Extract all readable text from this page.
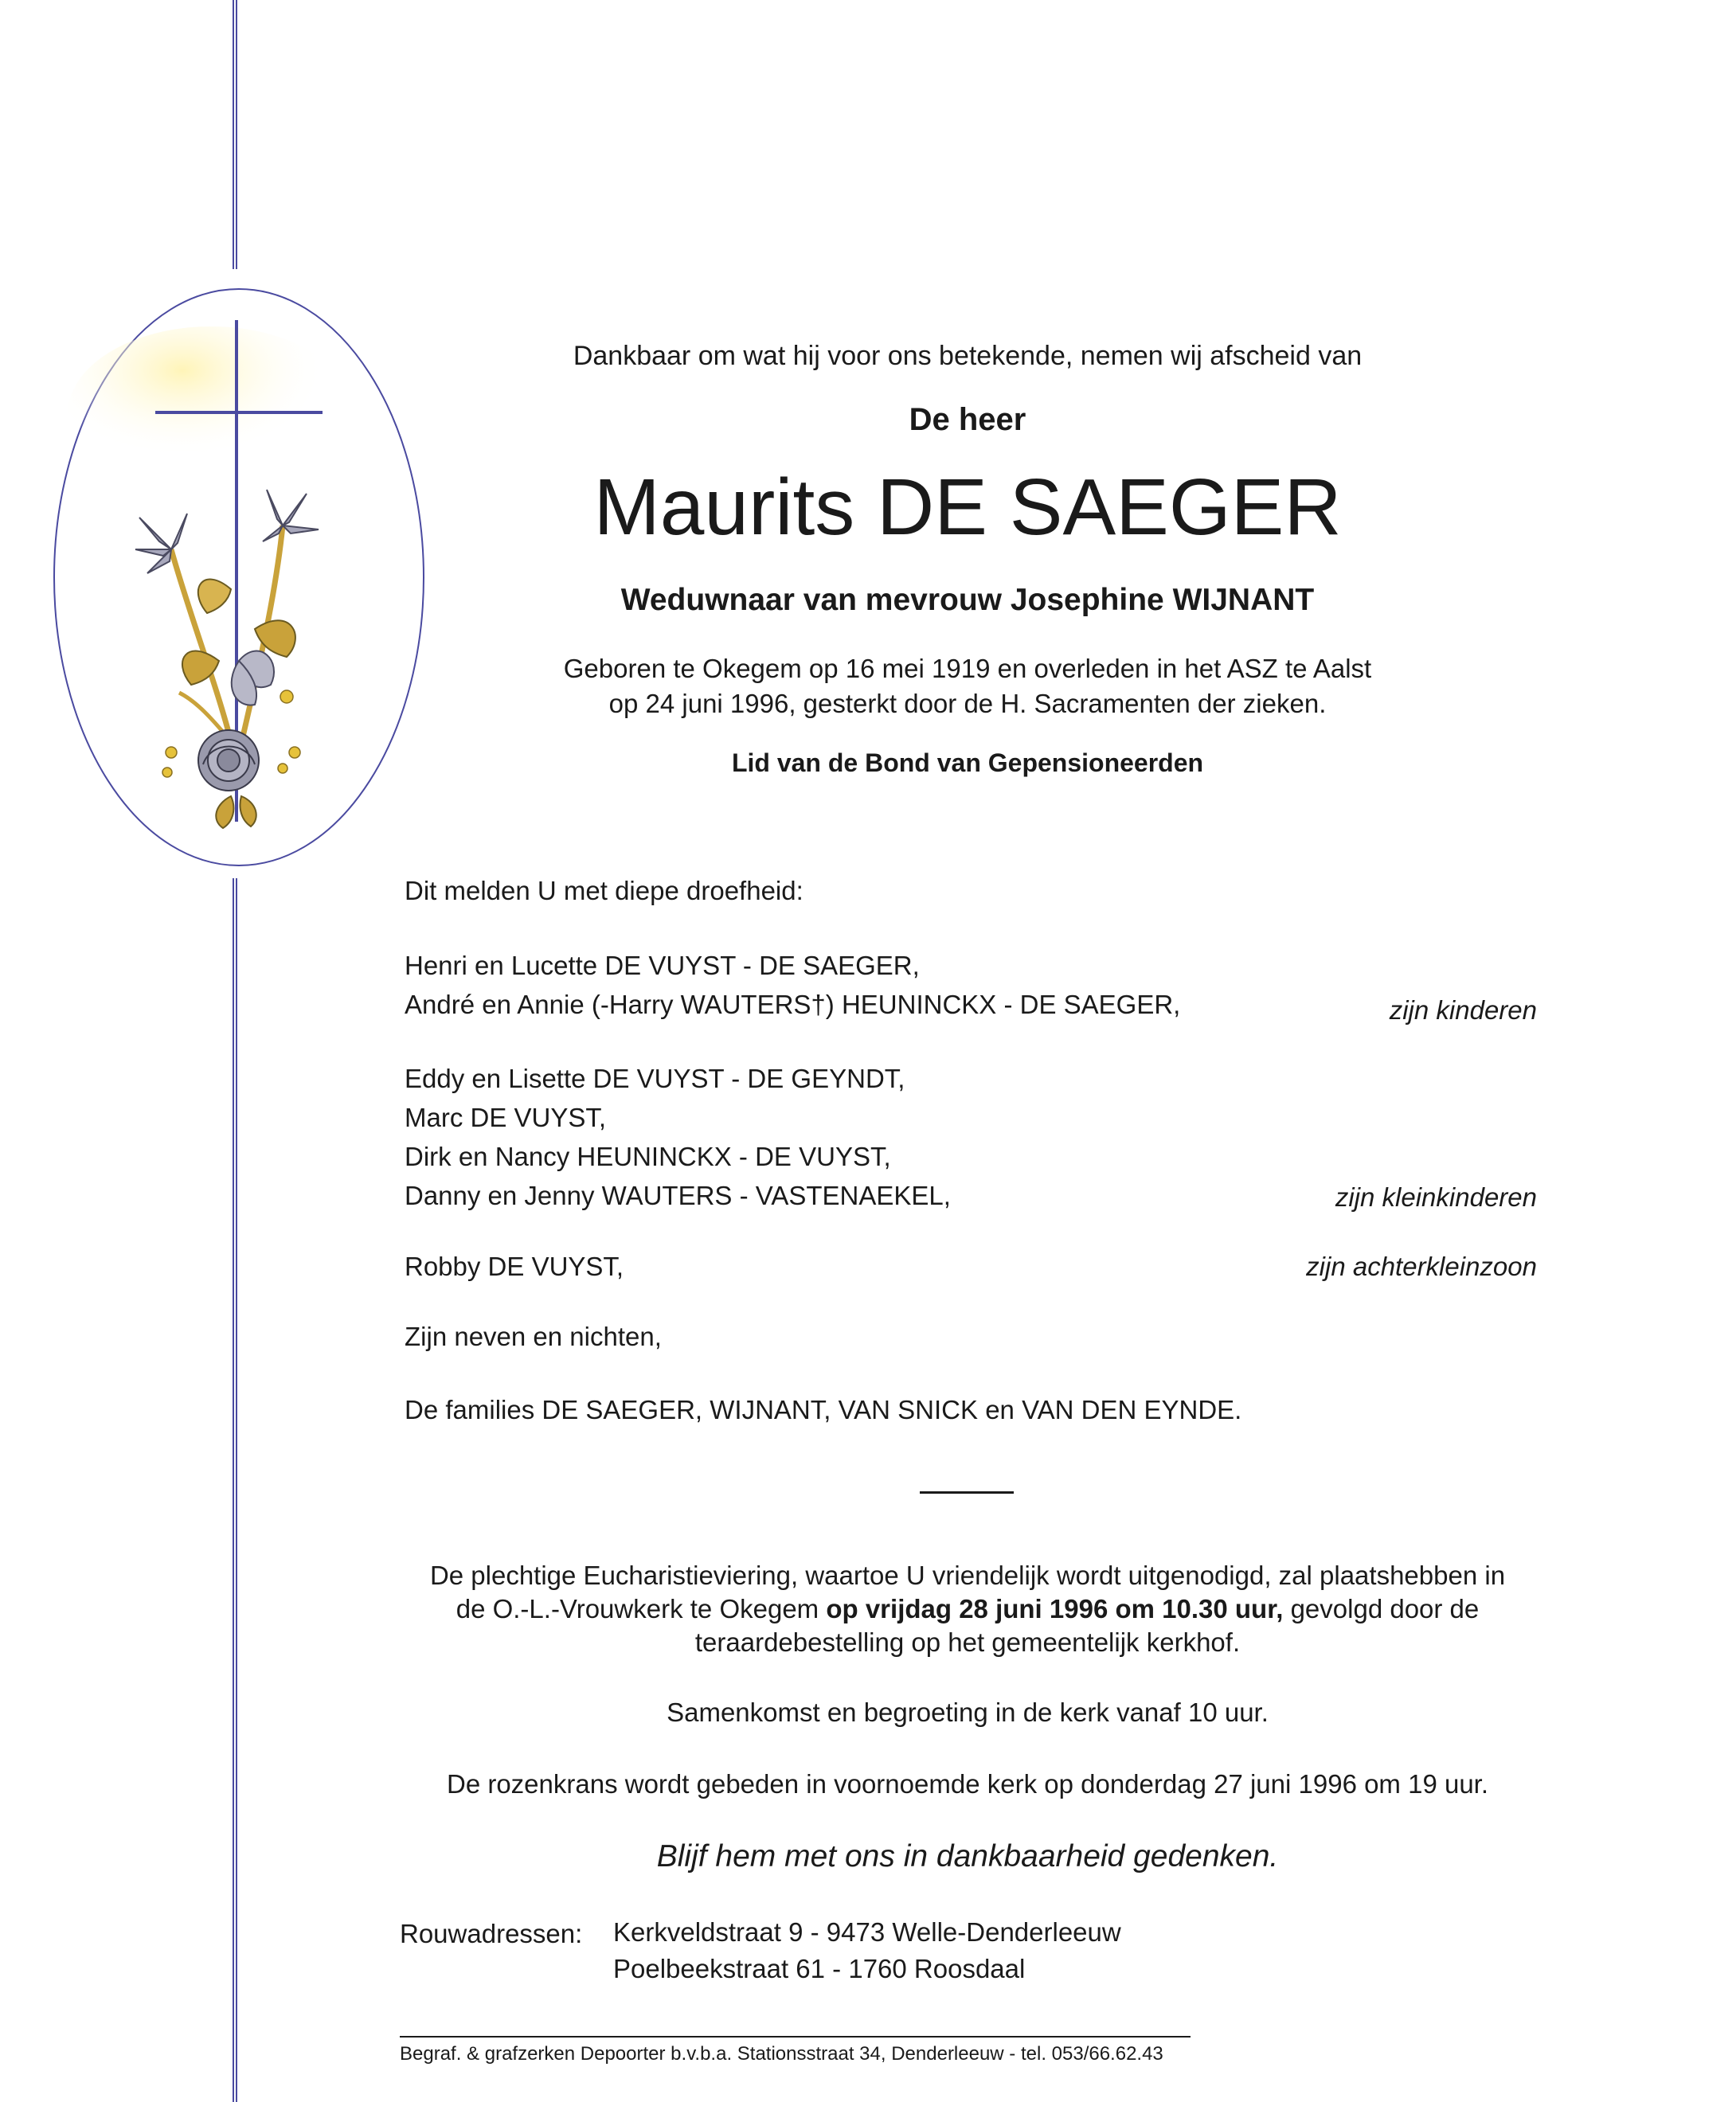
Dankbaar om wat hij voor ons betekende, nemen wij afscheid van
De heer
Maurits DE SAEGER
Weduwnaar van mevrouw Josephine WIJNANT
Geboren te Okegem op 16 mei 1919 en overleden in het ASZ te Aalst
op 24 juni 1996, gesterkt door de H. Sacramenten der zieken.
Lid van de Bond van Gepensioneerden
Dit melden U met diepe droefheid:
Henri en Lucette DE VUYST - DE SAEGER,
André en Annie (-Harry WAUTERS†) HEUNINCKX - DE SAEGER,	zijn kinderen
Eddy en Lisette DE VUYST - DE GEYNDT,
Marc DE VUYST,
Dirk en Nancy HEUNINCKX - DE VUYST,
Danny en Jenny WAUTERS - VASTENAEKEL,	zijn kleinkinderen
Robby DE VUYST,	zijn achterkleinzoon
Zijn neven en nichten,
De families DE SAEGER, WIJNANT, VAN SNICK en VAN DEN EYNDE.

De plechtige Eucharistieviering, waartoe U vriendelijk wordt uitgenodigd, zal plaatshebben in

de O.-L.-Vrouwkerk te Okegem op vrijdag 28 juni 1996 om 10.30 uur, gevolgd door de

teraardebestelling op het gemeentelijk kerkhof.

Samenkomst en begroeting in de kerk vanaf 10 uur.
De rozenkrans wordt gebeden in voornoemde kerk op donderdag 27 juni 1996 om 19 uur.
Blijf hem met ons in dankbaarheid gedenken.
Rouwadressen: Kerkveldstraat 9 - 9473 Welle-Denderleeuw
Poelbeekstraat 61 - 1760 Roosdaal
Begraf. & grafzerken Depoorter b.v.b.a. Stationsstraat 34, Denderleeuw - tel. 053/66.62.43
